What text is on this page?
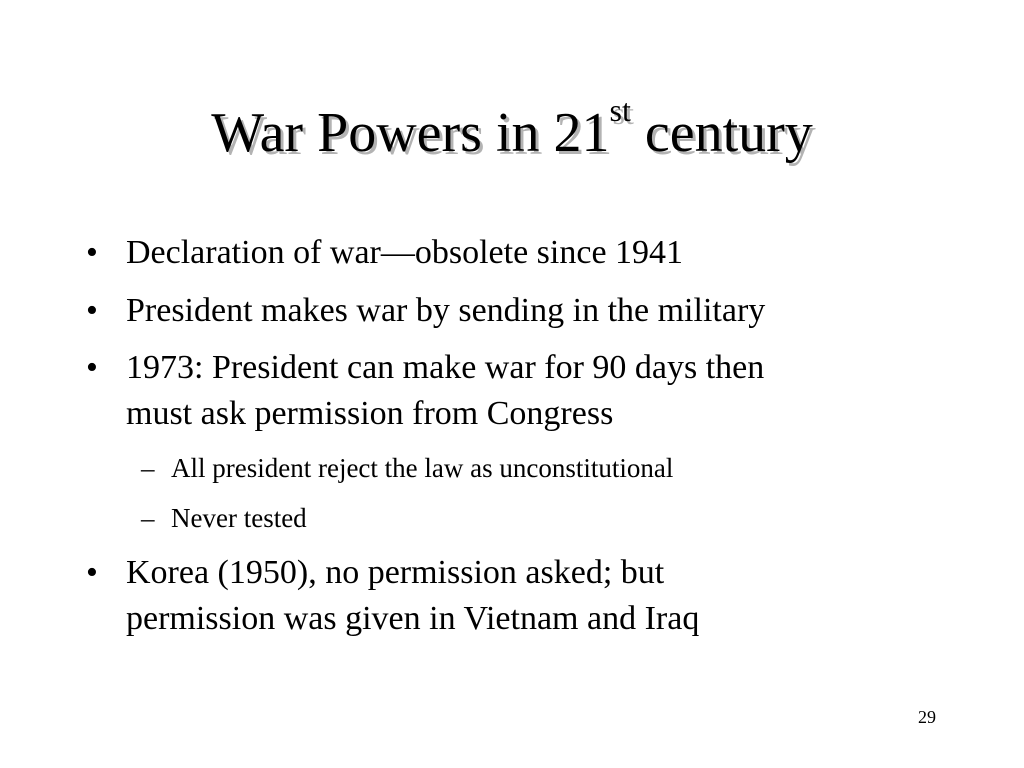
War Powers in 21st century
• Declaration of war—obsolete since 1941
• President makes war by sending in the military
• 1973: President can make war for 90 days then
must ask permission from Congress
– All president reject the law as unconstitutional
– Never tested
• Korea (1950), no permission asked; but
permission was given in Vietnam and Iraq
29
